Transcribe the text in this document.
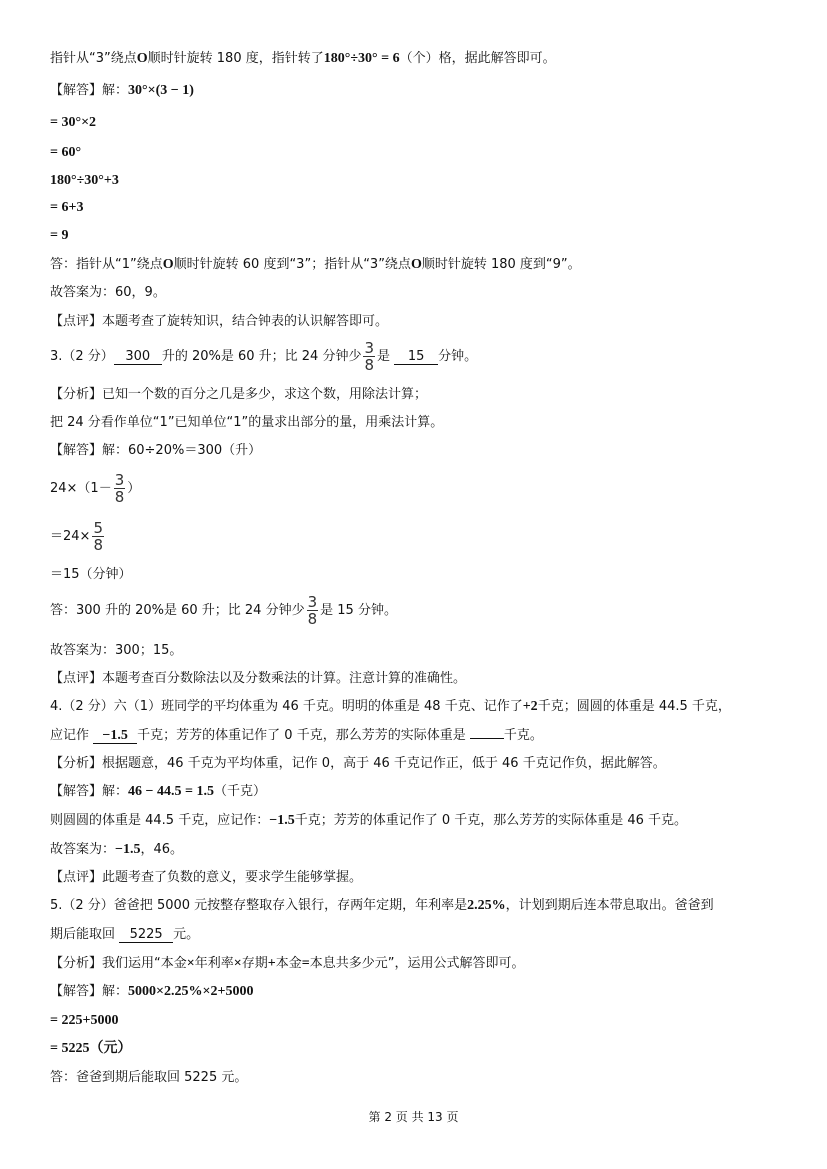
指针从“3”绕点O顺时针旋转 180 度，指针转了180°÷30° = 6（个）格，据此解答即可。
【解答】解：30°×(3 − 1)
= 30°×2
= 60°
180°÷30°+3
= 6+3
= 9
答：指针从“1”绕点O顺时针旋转 60 度到“3”；指针从“3”绕点O顺时针旋转 180 度到“9”。
故答案为：60，9。
【点评】本题考查了旋转知识，结合钟表的认识解答即可。
3.（2 分） 300 升的 20%是 60 升；比 24 分钟少 $\frac{3}{8}$ 是 15 分钟。
【分析】已知一个数的百分之几是多少，求这个数，用除法计算；
把 24 分看作单位“1”已知单位“1”的量求出部分的量，用乘法计算。
【解答】解：60÷20%＝300（升）
$24\times(1- \frac{3}{8}$ ）
$=24\times \frac{5}{8}$
＝15（分钟）
答：300 升的 20%是 60 升；比 24 分钟少 $\frac{3}{8}$ 是 15 分钟。
故答案为：300；15。
【点评】本题考查百分数除法以及分数乘法的计算。注意计算的准确性。
4.（2 分）六（1）班同学的平均体重为 46 千克。明明的体重是 48 千克、记作了+2千克；圆圆的体重是 44.5 千克，
应记作 −1.5 千克；芳芳的体重记作了 0 千克，那么芳芳的实际体重是	千克。
【分析】根据题意，46 千克为平均体重，记作 0，高于 46 千克记作正，低于 46 千克记作负，据此解答。
【解答】解：46 − 44.5 = 1.5（千克）
则圆圆的体重是 44.5 千克，应记作：−1.5千克；芳芳的体重记作了 0 千克，那么芳芳的实际体重是 46 千克。
故答案为：−1.5，46。
【点评】此题考查了负数的意义，要求学生能够掌握。
5.（2 分）爸爸把 5000 元按整存整取存入银行，存两年定期，年利率是2.25%，计划到期后连本带息取出。爸爸到
期后能取回 5225 元。
【分析】我们运用“本金×年利率×存期+本金=本息共多少元”，运用公式解答即可。
【解答】解：5000×2.25%×2+5000
= 225+5000
= 5225（元）
答：爸爸到期后能取回 5225 元。
第 2 页 共 13 页
